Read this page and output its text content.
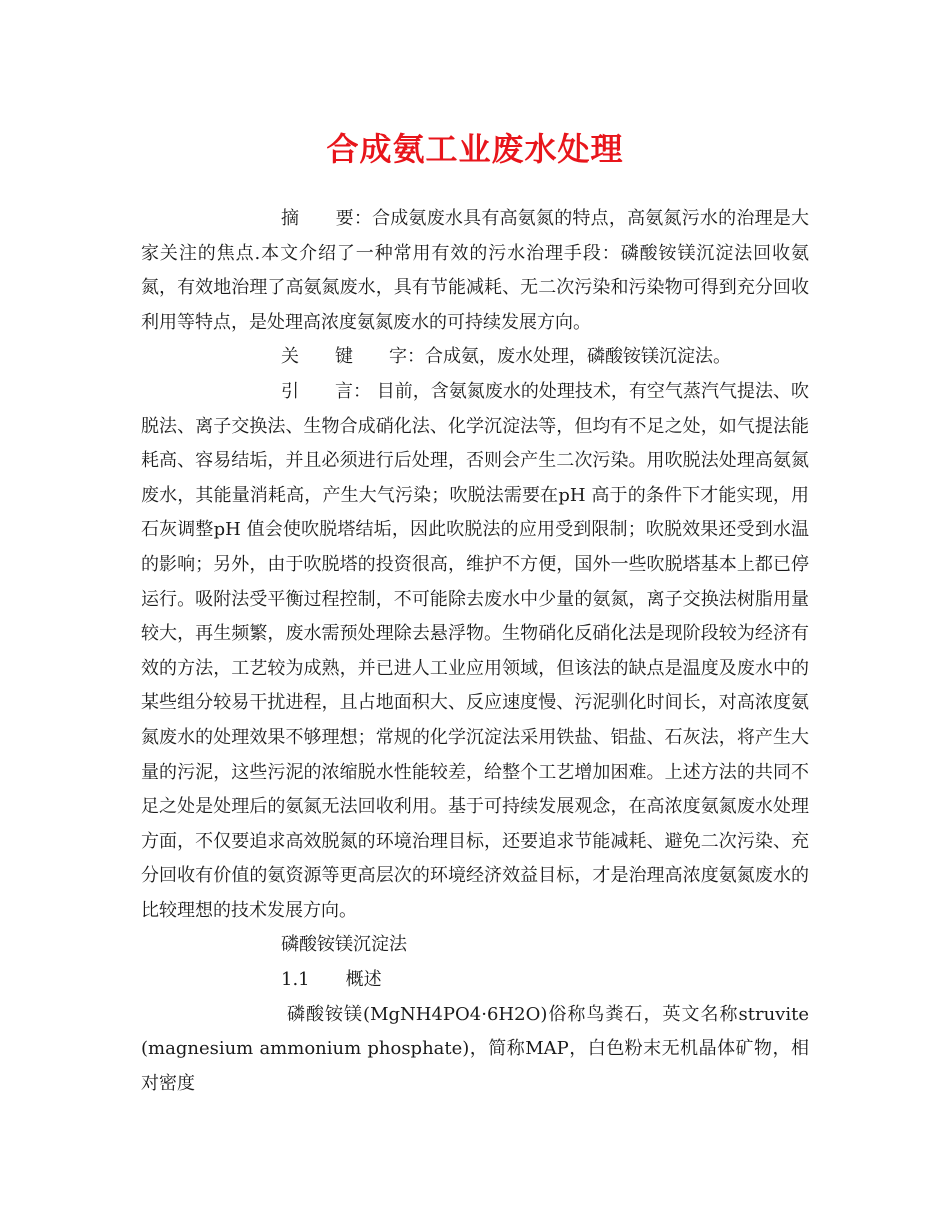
合成氨工业废水处理

摘　　要：合成氨废水具有高氨氮的特点，高氨氮污水的治理是大家关注的焦点.本文介绍了一种常用有效的污水治理手段：磷酸铵镁沉淀法回收氨氮，有效地治理了高氨氮废水，具有节能减耗、无二次污染和污染物可得到充分回收利用等特点，是处理高浓度氨氮废水的可持续发展方向。

关　　键　　字：合成氨，废水处理，磷酸铵镁沉淀法。

引　　言： 目前，含氨氮废水的处理技术，有空气蒸汽气提法、吹脱法、离子交换法、生物合成硝化法、化学沉淀法等，但均有不足之处，如气提法能耗高、容易结垢，并且必须进行后处理，否则会产生二次污染。用吹脱法处理高氨氮废水，其能量消耗高，产生大气污染；吹脱法需要在pH 高于的条件下才能实现，用石灰调整pH 值会使吹脱塔结垢，因此吹脱法的应用受到限制；吹脱效果还受到水温的影响；另外，由于吹脱塔的投资很高，维护不方便，国外一些吹脱塔基本上都已停运行。吸附法受平衡过程控制，不可能除去废水中少量的氨氮，离子交换法树脂用量较大，再生频繁，废水需预处理除去悬浮物。生物硝化反硝化法是现阶段较为经济有效的方法，工艺较为成熟，并已进人工业应用领域，但该法的缺点是温度及废水中的某些组分较易干扰进程，且占地面积大、反应速度慢、污泥驯化时间长，对高浓度氨氮废水的处理效果不够理想；常规的化学沉淀法采用铁盐、铝盐、石灰法，将产生大量的污泥，这些污泥的浓缩脱水性能较差，给整个工艺增加困难。上述方法的共同不足之处是处理后的氨氮无法回收利用。基于可持续发展观念，在高浓度氨氮废水处理方面，不仅要追求高效脱氮的环境治理目标，还要追求节能减耗、避免二次污染、充分回收有价值的氨资源等更高层次的环境经济效益目标，才是治理高浓度氨氮废水的比较理想的技术发展方向。

磷酸铵镁沉淀法

1.1　　概述

磷酸铵镁(MgNH4PO4·6H2O)俗称鸟粪石，英文名称struvite (magnesium ammonium phosphate)，简称MAP，白色粉末无机晶体矿物，相对密度
